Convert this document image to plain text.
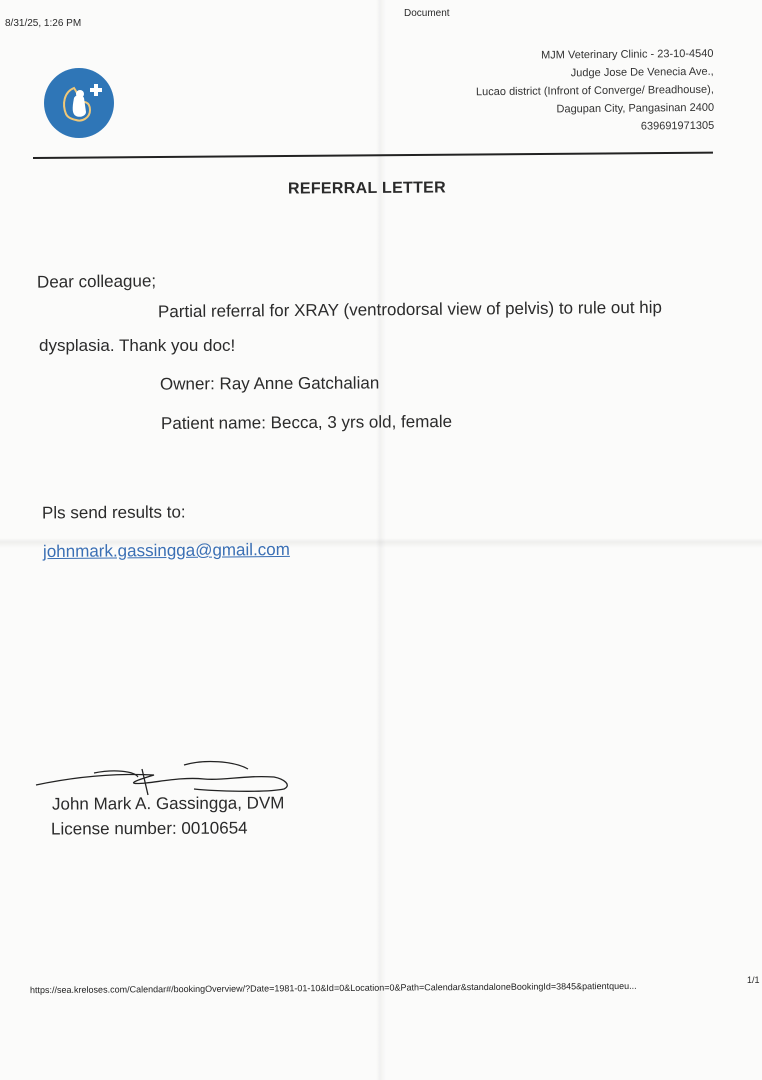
8/31/25, 1:26 PM
Document
MJM Veterinary Clinic - 23-10-4540
Judge Jose De Venecia Ave.,
Lucao district (Infront of Converge/ Breadhouse),
Dagupan City, Pangasinan 2400
639691971305
REFERRAL LETTER
Dear colleague;
Partial referral for XRAY (ventrodorsal view of pelvis) to rule out hip
dysplasia. Thank you doc!
Owner: Ray Anne Gatchalian
Patient name: Becca, 3 yrs old, female
Pls send results to:
johnmark.gassingga@gmail.com
John Mark A. Gassingga, DVM
License number: 0010654
https://sea.kreloses.com/Calendar#/bookingOverview/?Date=1981-01-10&Id=0&Location=0&Path=Calendar&standaloneBookingId=3845&patientqueu...
1/1
